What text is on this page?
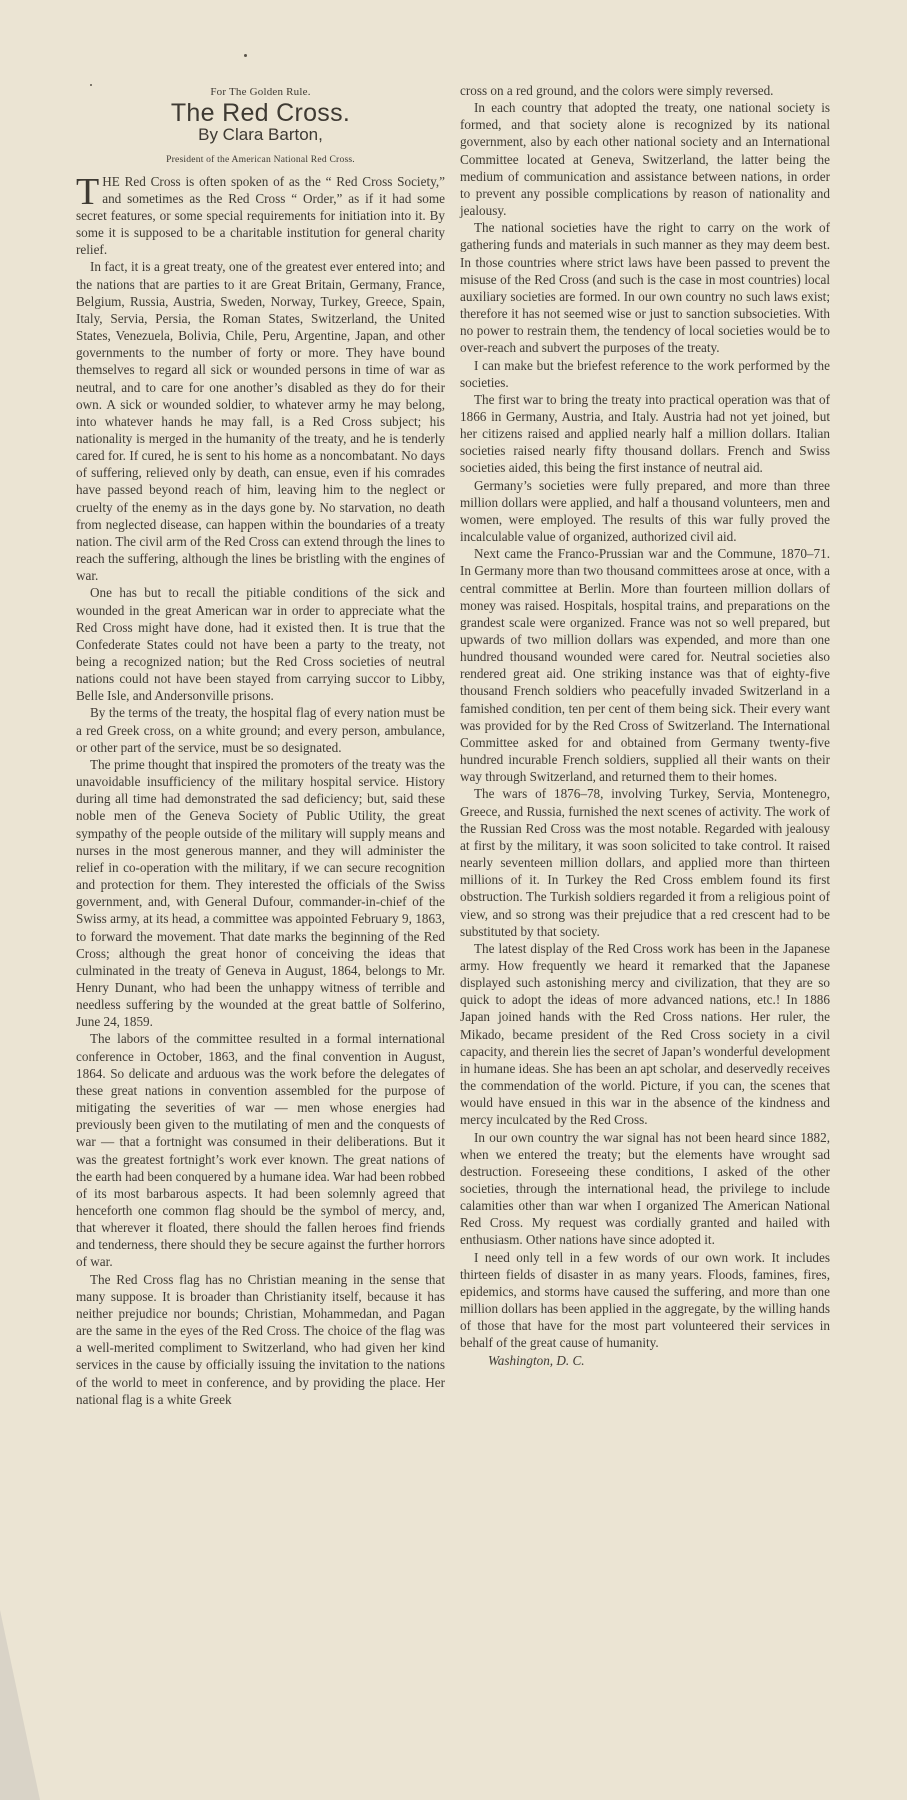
For The Golden Rule.
The Red Cross.
By Clara Barton,
President of the American National Red Cross.

THE Red Cross is often spoken of as the “ Red Cross Society,” and sometimes as the Red Cross “ Order,” as if it had some secret features, or some special requirements for initiation into it. By some it is supposed to be a charitable institution for general charity relief.

In fact, it is a great treaty, one of the greatest ever entered into; and the nations that are parties to it are Great Britain, Germany, France, Belgium, Russia, Austria, Sweden, Norway, Turkey, Greece, Spain, Italy, Servia, Persia, the Roman States, Switzerland, the United States, Venezuela, Bolivia, Chile, Peru, Argentine, Japan, and other governments to the number of forty or more. They have bound themselves to regard all sick or wounded persons in time of war as neutral, and to care for one another’s disabled as they do for their own. A sick or wounded soldier, to whatever army he may belong, into whatever hands he may fall, is a Red Cross subject; his nationality is merged in the humanity of the treaty, and he is tenderly cared for. If cured, he is sent to his home as a noncombatant. No days of suffering, relieved only by death, can ensue, even if his comrades have passed beyond reach of him, leaving him to the neglect or cruelty of the enemy as in the days gone by. No starvation, no death from neglected disease, can happen within the boundaries of a treaty nation. The civil arm of the Red Cross can extend through the lines to reach the suffering, although the lines be bristling with the engines of war.

One has but to recall the pitiable conditions of the sick and wounded in the great American war in order to appreciate what the Red Cross might have done, had it existed then. It is true that the Confederate States could not have been a party to the treaty, not being a recognized nation; but the Red Cross societies of neutral nations could not have been stayed from carrying succor to Libby, Belle Isle, and Andersonville prisons.

By the terms of the treaty, the hospital flag of every nation must be a red Greek cross, on a white ground; and every person, ambulance, or other part of the service, must be so designated.

The prime thought that inspired the promoters of the treaty was the unavoidable insufficiency of the military hospital service. History during all time had demonstrated the sad deficiency; but, said these noble men of the Geneva Society of Public Utility, the great sympathy of the people outside of the military will supply means and nurses in the most generous manner, and they will administer the relief in co-operation with the military, if we can secure recognition and protection for them. They interested the officials of the Swiss government, and, with General Dufour, commander-in-chief of the Swiss army, at its head, a committee was appointed February 9, 1863, to forward the movement. That date marks the beginning of the Red Cross; although the great honor of conceiving the ideas that culminated in the treaty of Geneva in August, 1864, belongs to Mr. Henry Dunant, who had been the unhappy witness of terrible and needless suffering by the wounded at the great battle of Solferino, June 24, 1859.

The labors of the committee resulted in a formal international conference in October, 1863, and the final convention in August, 1864. So delicate and arduous was the work before the delegates of these great nations in convention assembled for the purpose of mitigating the severities of war — men whose energies had previously been given to the mutilating of men and the conquests of war — that a fortnight was consumed in their deliberations. But it was the greatest fortnight’s work ever known. The great nations of the earth had been conquered by a humane idea. War had been robbed of its most barbarous aspects. It had been solemnly agreed that henceforth one common flag should be the symbol of mercy, and, that wherever it floated, there should the fallen heroes find friends and tenderness, there should they be secure against the further horrors of war.

The Red Cross flag has no Christian meaning in the sense that many suppose. It is broader than Christianity itself, because it has neither prejudice nor bounds; Christian, Mohammedan, and Pagan are the same in the eyes of the Red Cross. The choice of the flag was a well-merited compliment to Switzerland, who had given her kind services in the cause by officially issuing the invitation to the nations of the world to meet in conference, and by providing the place. Her national flag is a white Greek

cross on a red ground, and the colors were simply reversed.

In each country that adopted the treaty, one national society is formed, and that society alone is recognized by its national government, also by each other national society and an International Committee located at Geneva, Switzerland, the latter being the medium of communication and assistance between nations, in order to prevent any possible complications by reason of nationality and jealousy.

The national societies have the right to carry on the work of gathering funds and materials in such manner as they may deem best. In those countries where strict laws have been passed to prevent the misuse of the Red Cross (and such is the case in most countries) local auxiliary societies are formed. In our own country no such laws exist; therefore it has not seemed wise or just to sanction subsocieties. With no power to restrain them, the tendency of local societies would be to over-reach and subvert the purposes of the treaty.

I can make but the briefest reference to the work performed by the societies.

The first war to bring the treaty into practical operation was that of 1866 in Germany, Austria, and Italy. Austria had not yet joined, but her citizens raised and applied nearly half a million dollars. Italian societies raised nearly fifty thousand dollars. French and Swiss societies aided, this being the first instance of neutral aid.

Germany’s societies were fully prepared, and more than three million dollars were applied, and half a thousand volunteers, men and women, were employed. The results of this war fully proved the incalculable value of organized, authorized civil aid.

Next came the Franco-Prussian war and the Commune, 1870–71. In Germany more than two thousand committees arose at once, with a central committee at Berlin. More than fourteen million dollars of money was raised. Hospitals, hospital trains, and preparations on the grandest scale were organized. France was not so well prepared, but upwards of two million dollars was expended, and more than one hundred thousand wounded were cared for. Neutral societies also rendered great aid. One striking instance was that of eighty-five thousand French soldiers who peacefully invaded Switzerland in a famished condition, ten per cent of them being sick. Their every want was provided for by the Red Cross of Switzerland. The International Committee asked for and obtained from Germany twenty-five hundred incurable French soldiers, supplied all their wants on their way through Switzerland, and returned them to their homes.

The wars of 1876–78, involving Turkey, Servia, Montenegro, Greece, and Russia, furnished the next scenes of activity. The work of the Russian Red Cross was the most notable. Regarded with jealousy at first by the military, it was soon solicited to take control. It raised nearly seventeen million dollars, and applied more than thirteen millions of it. In Turkey the Red Cross emblem found its first obstruction. The Turkish soldiers regarded it from a religious point of view, and so strong was their prejudice that a red crescent had to be substituted by that society.

The latest display of the Red Cross work has been in the Japanese army. How frequently we heard it remarked that the Japanese displayed such astonishing mercy and civilization, that they are so quick to adopt the ideas of more advanced nations, etc.! In 1886 Japan joined hands with the Red Cross nations. Her ruler, the Mikado, became president of the Red Cross society in a civil capacity, and therein lies the secret of Japan’s wonderful development in humane ideas. She has been an apt scholar, and deservedly receives the commendation of the world. Picture, if you can, the scenes that would have ensued in this war in the absence of the kindness and mercy inculcated by the Red Cross.

In our own country the war signal has not been heard since 1882, when we entered the treaty; but the elements have wrought sad destruction. Foreseeing these conditions, I asked of the other societies, through the international head, the privilege to include calamities other than war when I organized The American National Red Cross. My request was cordially granted and hailed with enthusiasm. Other nations have since adopted it.

I need only tell in a few words of our own work. It includes thirteen fields of disaster in as many years. Floods, famines, fires, epidemics, and storms have caused the suffering, and more than one million dollars has been applied in the aggregate, by the willing hands of those that have for the most part volunteered their services in behalf of the great cause of humanity.

Washington, D. C.
